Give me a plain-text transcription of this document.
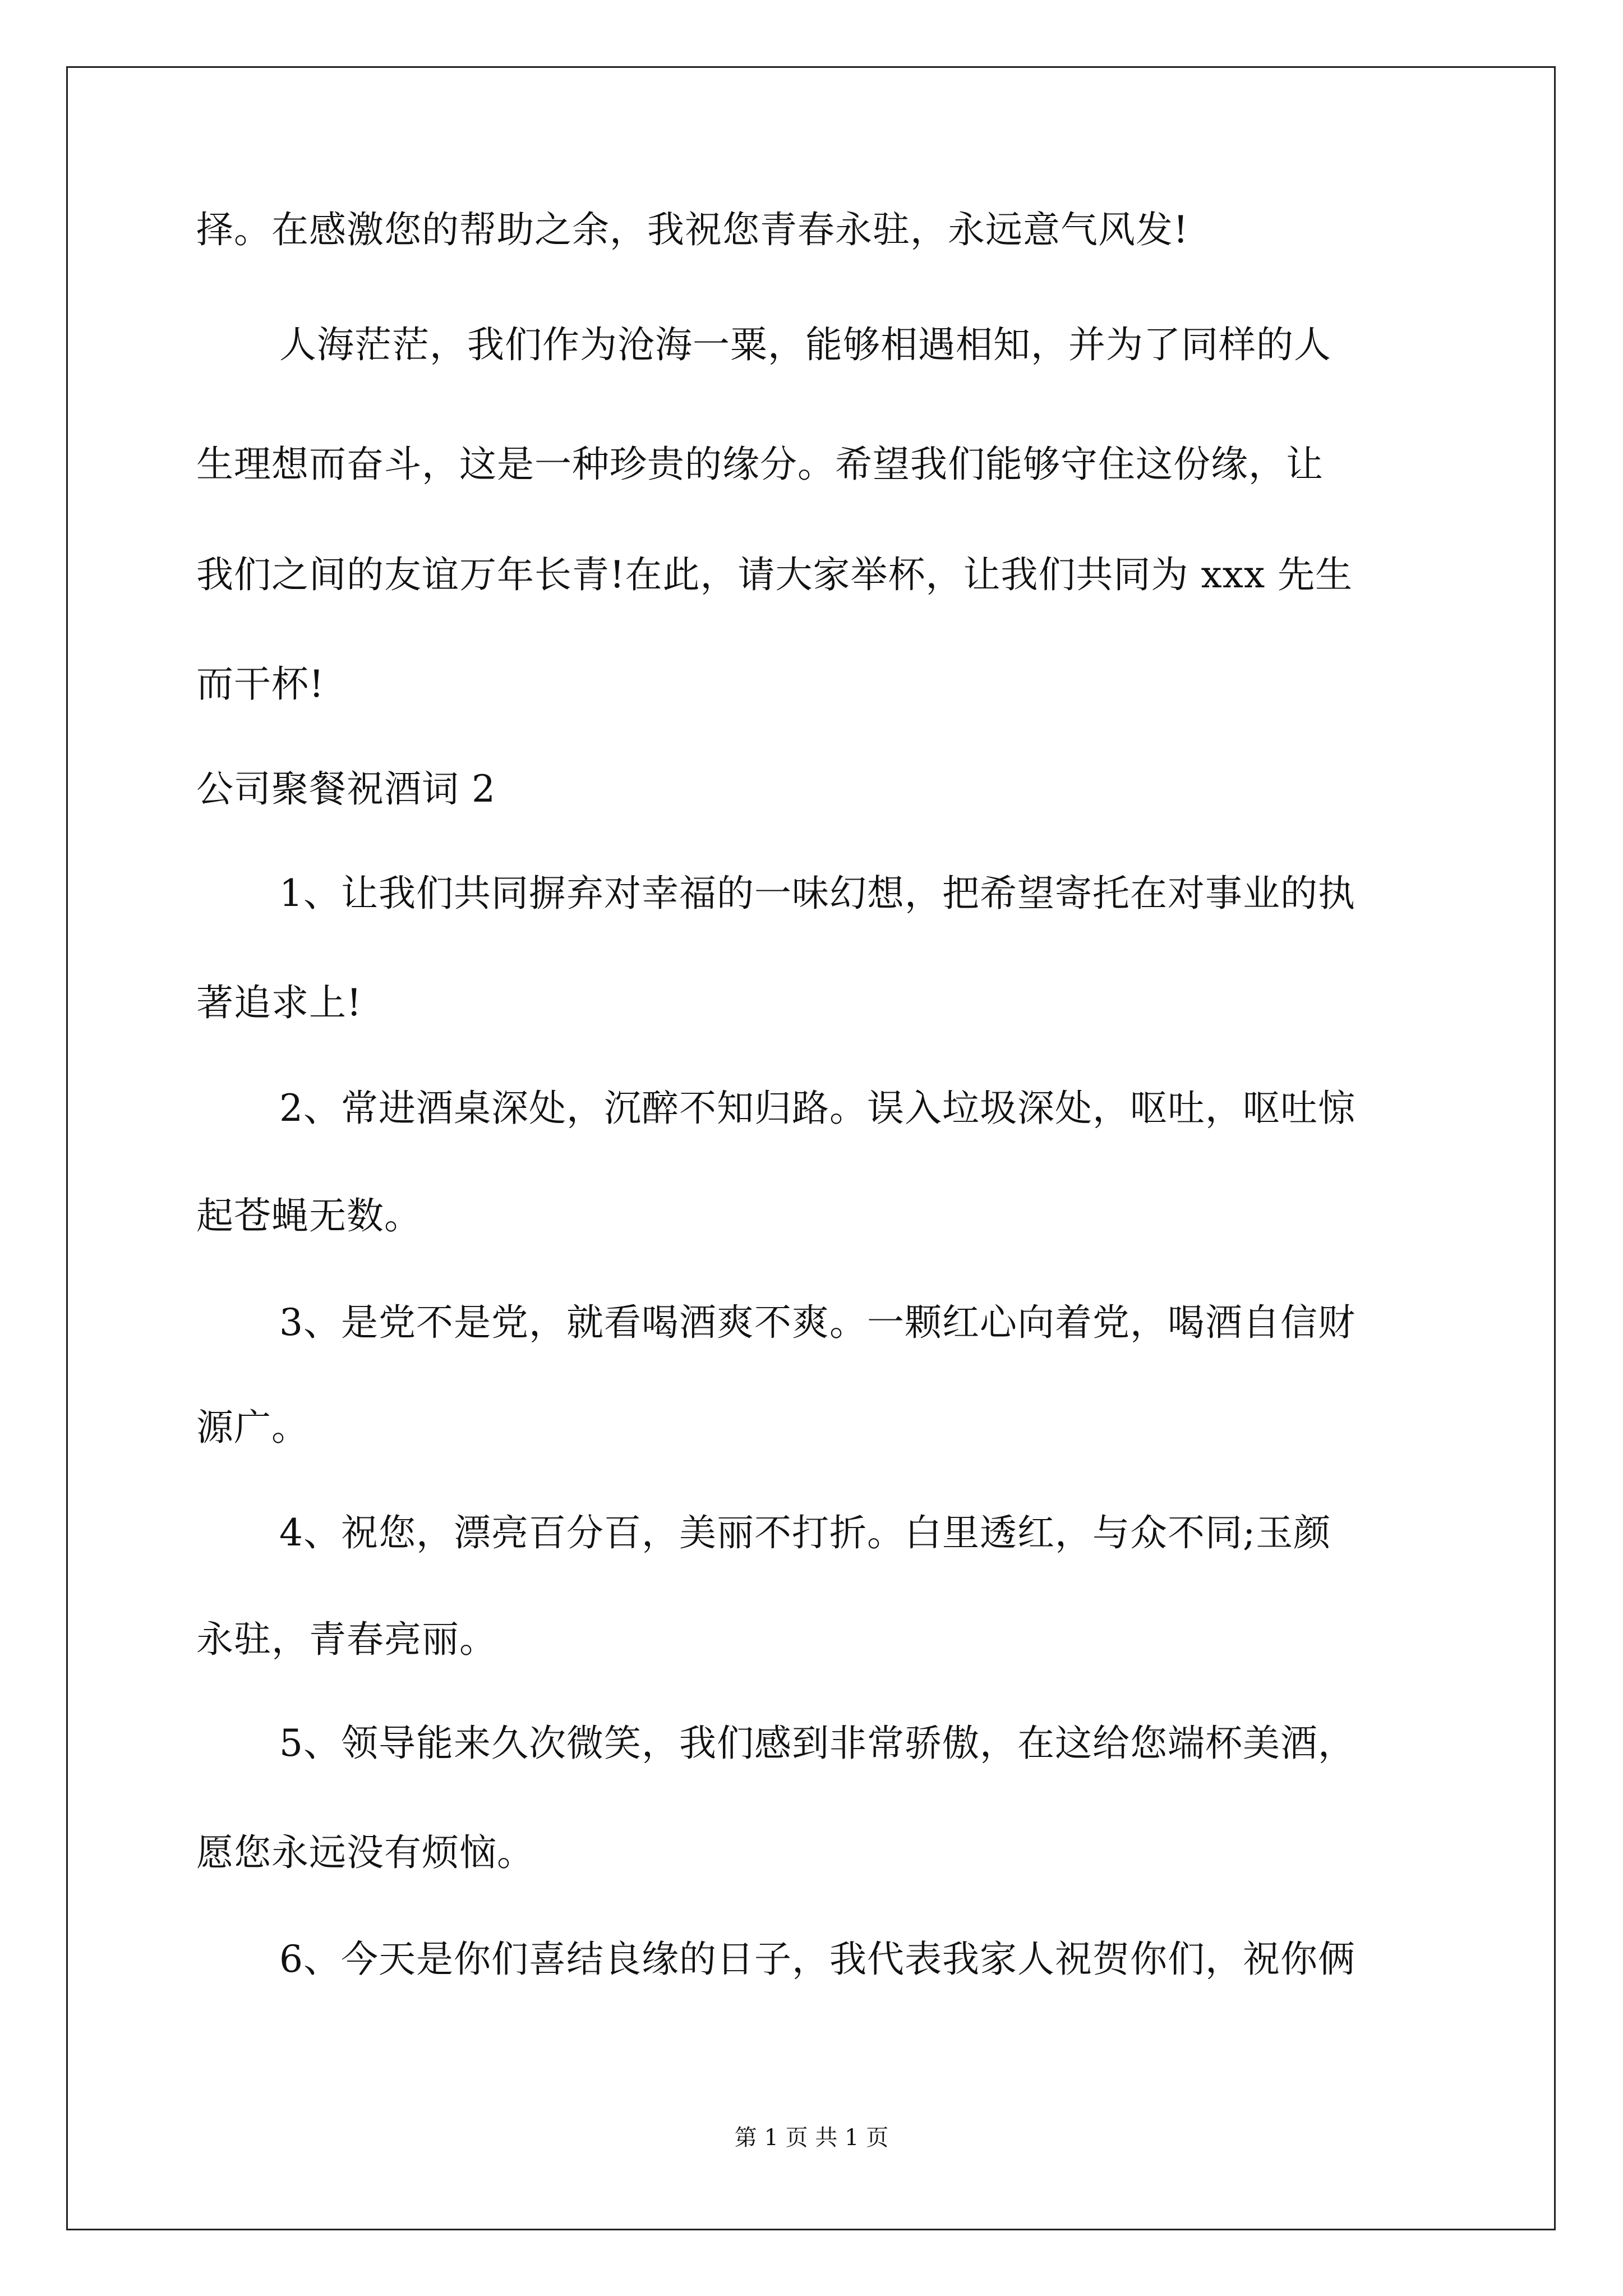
择。在感激您的帮助之余，我祝您青春永驻，永远意气风发!
人海茫茫，我们作为沧海一粟，能够相遇相知，并为了同样的人
生理想而奋斗，这是一种珍贵的缘分。希望我们能够守住这份缘，让
我们之间的友谊万年长青!在此，请大家举杯，让我们共同为 xxx 先生
而干杯!
公司聚餐祝酒词 2
1、让我们共同摒弃对幸福的一味幻想，把希望寄托在对事业的执
著追求上!
2、常进酒桌深处，沉醉不知归路。误入垃圾深处，呕吐，呕吐惊
起苍蝇无数。
3、是党不是党，就看喝酒爽不爽。一颗红心向着党，喝酒自信财
源广。
4、祝您，漂亮百分百，美丽不打折。白里透红，与众不同;玉颜
永驻，青春亮丽。
5、领导能来久次微笑，我们感到非常骄傲，在这给您端杯美酒，
愿您永远没有烦恼。
6、今天是你们喜结良缘的日子，我代表我家人祝贺你们，祝你俩
第 1 页 共 1 页
